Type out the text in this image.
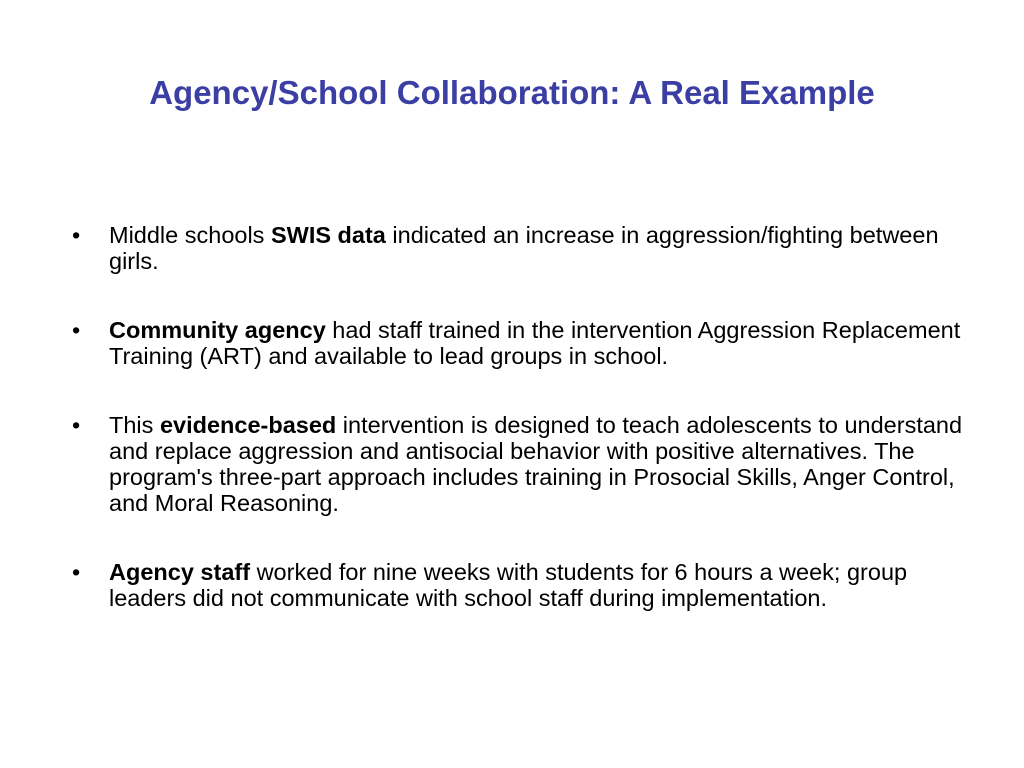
Agency/School Collaboration: A Real Example
•	Middle schools SWIS data indicated an increase in aggression/fighting between girls.
•	Community agency had staff trained in the intervention Aggression Replacement Training (ART) and available to lead groups in school.
•	This evidence-based intervention is designed to teach adolescents to understand and replace aggression and antisocial behavior with positive alternatives. The program's three-part approach includes training in Prosocial Skills, Anger Control, and Moral Reasoning.
•	Agency staff worked for nine weeks with students for 6 hours a week; group leaders did not communicate with school staff during implementation.
